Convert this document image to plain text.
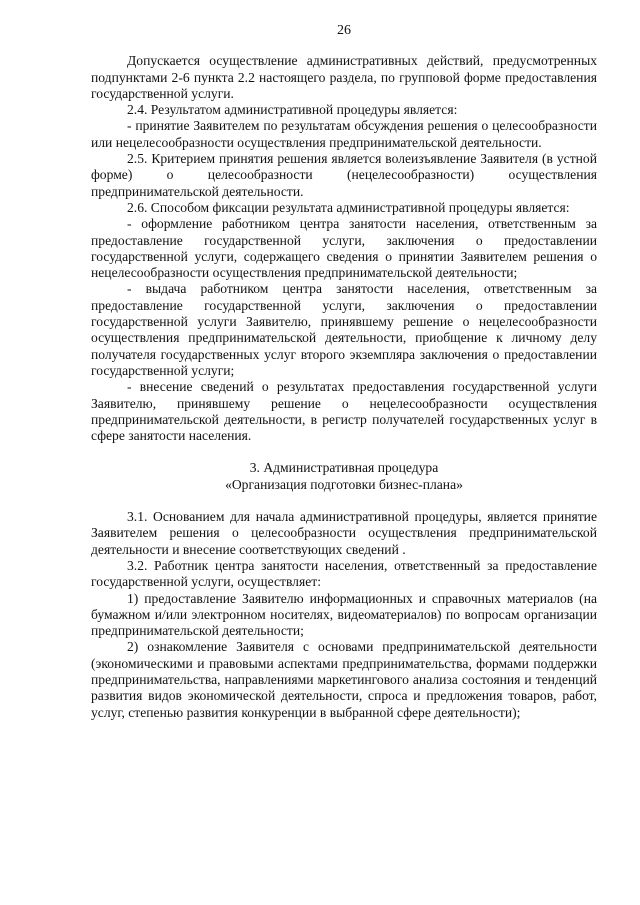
26

Допускается осуществление административных действий, предусмотренных подпунктами 2-6 пункта 2.2 настоящего раздела, по групповой форме предоставления государственной услуги.

2.4. Результатом административной процедуры является:

- принятие Заявителем по результатам обсуждения решения о целесообразности или нецелесообразности осуществления предпринимательской деятельности.

2.5. Критерием принятия решения является волеизъявление Заявителя (в устной форме) о целесообразности (нецелесообразности) осуществления предпринимательской деятельности.

2.6. Способом фиксации результата административной процедуры является:

- оформление работником центра занятости населения, ответственным за предоставление государственной услуги, заключения о предоставлении государственной услуги, содержащего сведения о принятии Заявителем решения о нецелесообразности осуществления предпринимательской деятельности;

- выдача работником центра занятости населения, ответственным за предоставление государственной услуги, заключения о предоставлении государственной услуги Заявителю, принявшему решение о нецелесообразности осуществления предпринимательской деятельности, приобщение к личному делу получателя государственных услуг второго экземпляра заключения о предоставлении государственной услуги;

- внесение сведений о результатах предоставления государственной услуги Заявителю, принявшему решение о нецелесообразности осуществления предпринимательской деятельности, в регистр получателей государственных услуг в сфере занятости населения.

3. Административная процедура

«Организация подготовки бизнес-плана»

3.1. Основанием для начала административной процедуры, является принятие Заявителем решения о целесообразности осуществления предпринимательской деятельности и внесение соответствующих сведений .

3.2. Работник центра занятости населения, ответственный за предоставление государственной услуги, осуществляет:

1) предоставление Заявителю информационных и справочных материалов (на бумажном и/или электронном носителях, видеоматериалов) по вопросам организации предпринимательской деятельности;

2) ознакомление Заявителя с основами предпринимательской деятельности (экономическими и правовыми аспектами предпринимательства, формами поддержки предпринимательства, направлениями маркетингового анализа состояния и тенденций развития видов экономической деятельности, спроса и предложения товаров, работ, услуг, степенью развития конкуренции в выбранной сфере деятельности);
